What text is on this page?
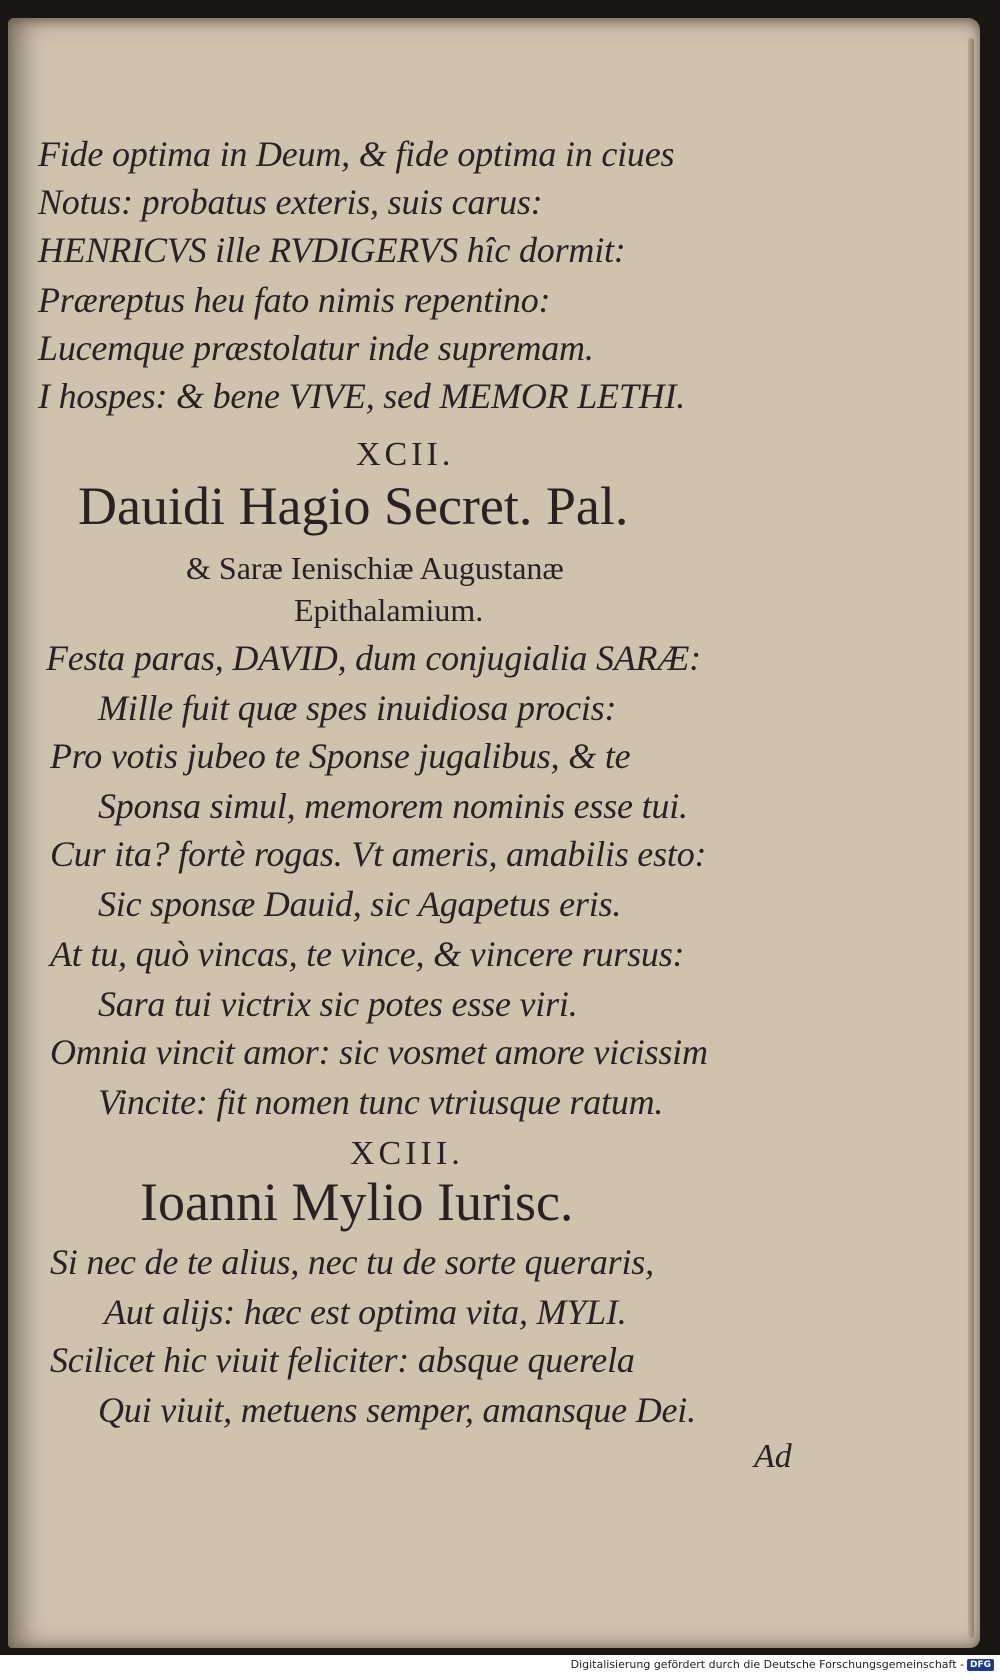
Fide optima in Deum, & fide optima in ciues
Notus: probatus exteris, suis carus:
HENRICVS ille RVDIGERVS hîc dormit:
Præreptus heu fato nimis repentino:
Lucemque præstolatur inde supremam.
I hospes: & bene VIVE, sed MEMOR LETHI.
XCII.
Dauidi Hagio Secret. Pal.
& Saræ Ienischiæ Augustanæ
Epithalamium.
Festa paras, DAVID, dum conjugialia SARÆ:
Mille fuit quæ spes inuidiosa procis:
Pro votis jubeo te Sponse jugalibus, & te
Sponsa simul, memorem nominis esse tui.
Cur ita? fortè rogas. Vt ameris, amabilis esto:
Sic sponsæ Dauid, sic Agapetus eris.
At tu, quò vincas, te vince, & vincere rursus:
Sara tui victrix sic potes esse viri.
Omnia vincit amor: sic vosmet amore vicissim
Vincite: fit nomen tunc vtriusque ratum.
XCIII.
Ioanni Mylio Iurisc.
Si nec de te alius, nec tu de sorte queraris,
Aut alijs: hæc est optima vita, MYLI.
Scilicet hic viuit feliciter: absque querela
Qui viuit, metuens semper, amansque Dei.
Ad
Digitalisierung gefördert durch die Deutsche Forschungsgemeinschaft - DFG
